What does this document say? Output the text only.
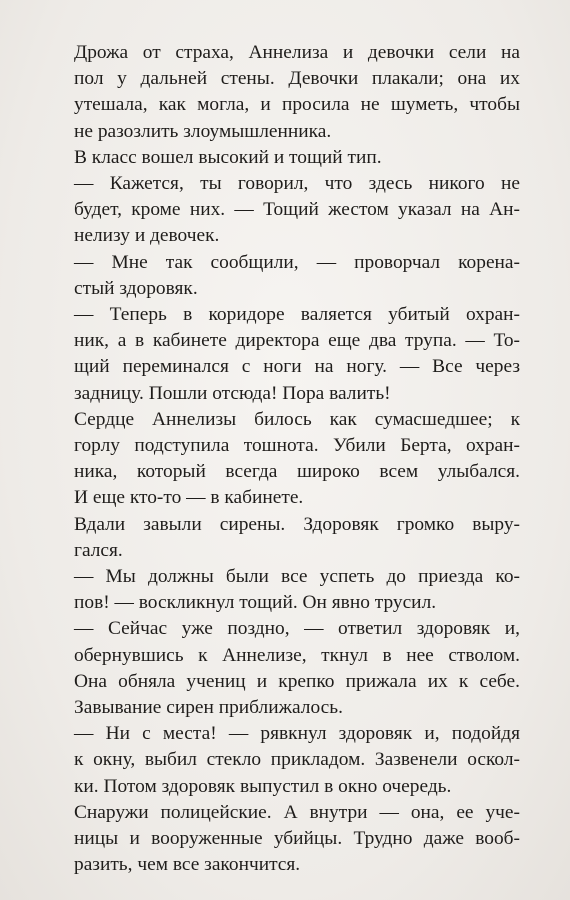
Дрожа от страха, Аннелиза и девочки сели на
пол у дальней стены. Девочки плакали; она их
утешала, как могла, и просила не шуметь, чтобы
не разозлить злоумышленника.

В класс вошел высокий и тощий тип.

— Кажется, ты говорил, что здесь никого не
будет, кроме них. — Тощий жестом указал на Ан-
нелизу и девочек.

— Мне так сообщили, — проворчал корена-
стый здоровяк.

— Теперь в коридоре валяется убитый охран-
ник, а в кабинете директора еще два трупа. — То-
щий переминался с ноги на ногу. — Все через
задницу. Пошли отсюда! Пора валить!

Сердце Аннелизы билось как сумасшедшее; к
горлу подступила тошнота. Убили Берта, охран-
ника, который всегда широко всем улыбался.
И еще кто-то — в кабинете.

Вдали завыли сирены. Здоровяк громко выру-
гался.

— Мы должны были все успеть до приезда ко-
пов! — воскликнул тощий. Он явно трусил.

— Сейчас уже поздно, — ответил здоровяк и,
обернувшись к Аннелизе, ткнул в нее стволом.
Она обняла учениц и крепко прижала их к себе.
Завывание сирен приближалось.

— Ни с места! — рявкнул здоровяк и, подойдя
к окну, выбил стекло прикладом. Зазвенели оскол-
ки. Потом здоровяк выпустил в окно очередь.

Снаружи полицейские. А внутри — она, ее уче-
ницы и вооруженные убийцы. Трудно даже вооб-
разить, чем все закончится.
